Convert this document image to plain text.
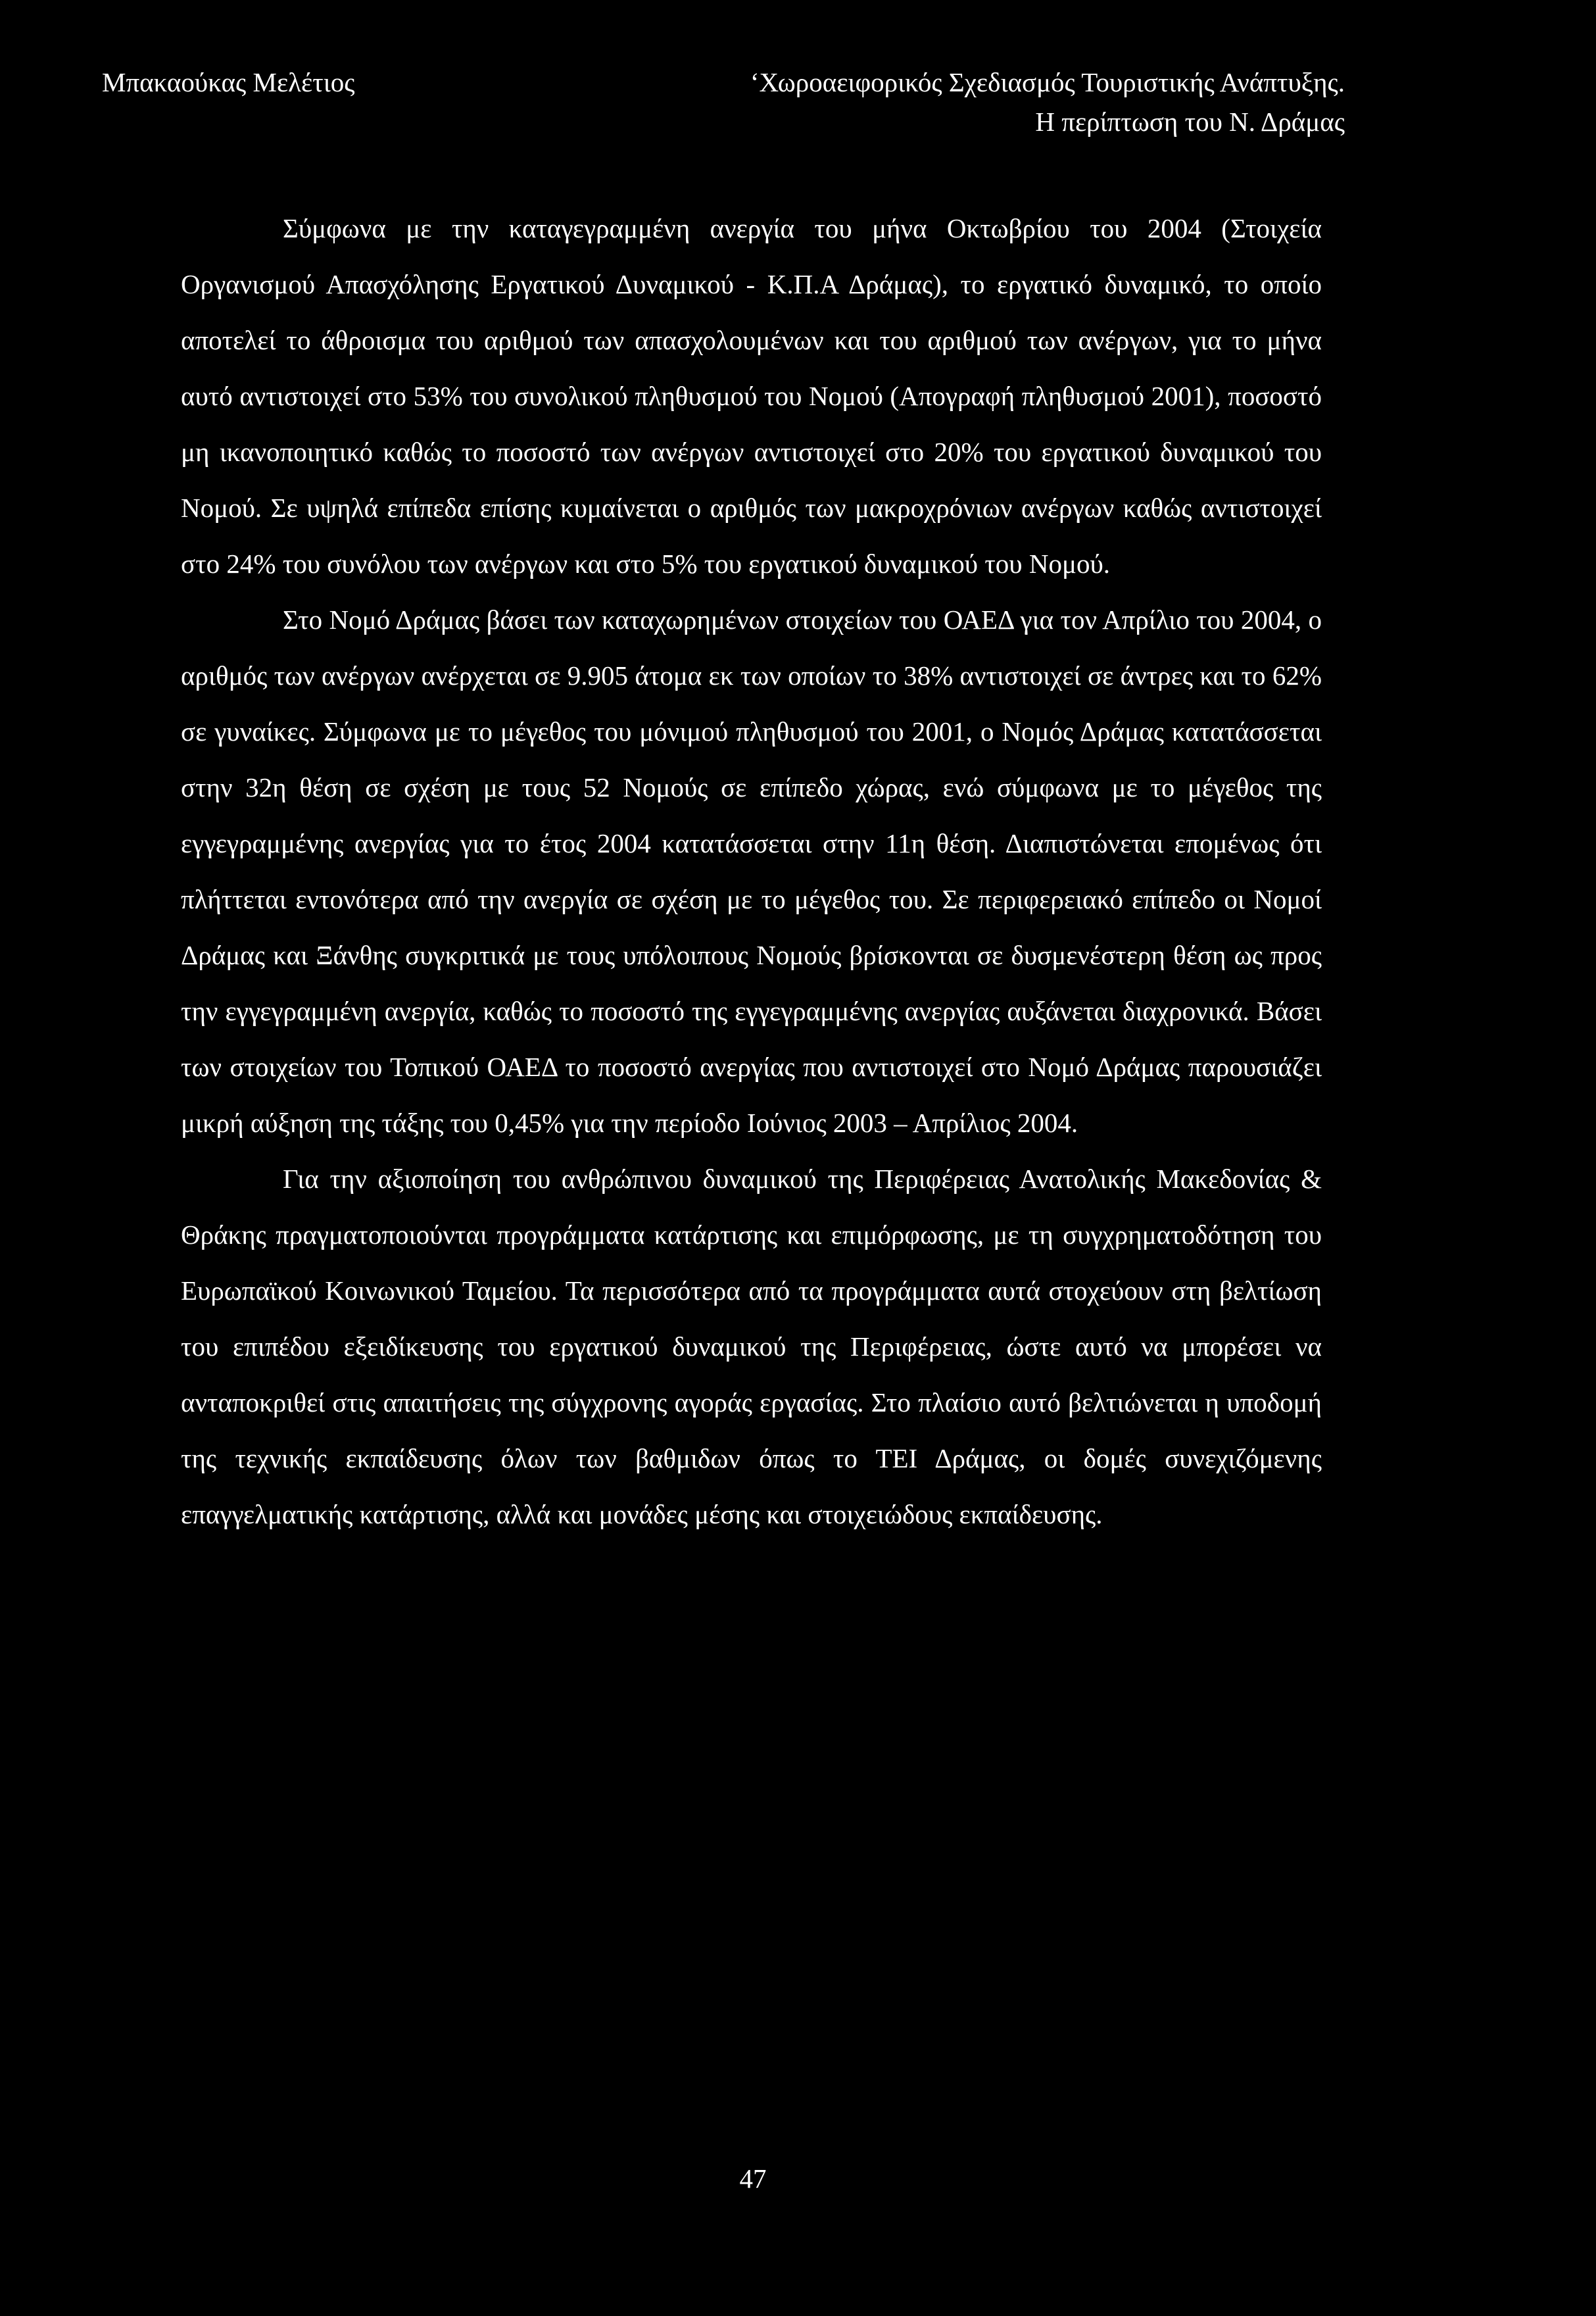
Μπακαούκας Μελέτιος	‘Χωροαειφορικός Σχεδιασμός Τουριστικής Ανάπτυξης.
Η περίπτωση του Ν. Δράμας

Σύμφωνα με την καταγεγραμμένη ανεργία του μήνα Οκτωβρίου του 2004 (Στοιχεία Οργανισμού Απασχόλησης Εργατικού Δυναμικού - Κ.Π.Α Δράμας), το εργατικό δυναμικό, το οποίο αποτελεί το άθροισμα του αριθμού των απασχολουμένων και του αριθμού των ανέργων, για το μήνα αυτό αντιστοιχεί στο 53% του συνολικού πληθυσμού του Νομού (Απογραφή πληθυσμού 2001), ποσοστό μη ικανοποιητικό καθώς το ποσοστό των ανέργων αντιστοιχεί στο 20% του εργατικού δυναμικού του Νομού. Σε υψηλά επίπεδα επίσης κυμαίνεται ο αριθμός των μακροχρόνιων ανέργων καθώς αντιστοιχεί στο 24% του συνόλου των ανέργων και στο 5% του εργατικού δυναμικού του Νομού.

Στο Νομό Δράμας βάσει των καταχωρημένων στοιχείων του ΟΑΕΔ για τον Απρίλιο του 2004, ο αριθμός των ανέργων ανέρχεται σε 9.905 άτομα εκ των οποίων το 38% αντιστοιχεί σε άντρες και το 62% σε γυναίκες. Σύμφωνα με το μέγεθος του μόνιμού πληθυσμού του 2001, ο Νομός Δράμας κατατάσσεται στην 32η θέση σε σχέση με τους 52 Νομούς σε επίπεδο χώρας, ενώ σύμφωνα με το μέγεθος της εγγεγραμμένης ανεργίας για το έτος 2004 κατατάσσεται στην 11η θέση. Διαπιστώνεται επομένως ότι πλήττεται εντονότερα από την ανεργία σε σχέση με το μέγεθος του. Σε περιφερειακό επίπεδο οι Νομοί Δράμας και Ξάνθης συγκριτικά με τους υπόλοιπους Νομούς βρίσκονται σε δυσμενέστερη θέση ως προς την εγγεγραμμένη ανεργία, καθώς το ποσοστό της εγγεγραμμένης ανεργίας αυξάνεται διαχρονικά. Βάσει των στοιχείων του Τοπικού ΟΑΕΔ το ποσοστό ανεργίας που αντιστοιχεί στο Νομό Δράμας παρουσιάζει μικρή αύξηση της τάξης του 0,45% για την περίοδο Ιούνιος 2003 – Απρίλιος 2004.

Για την αξιοποίηση του ανθρώπινου δυναμικού της Περιφέρειας Ανατολικής Μακεδονίας & Θράκης πραγματοποιούνται προγράμματα κατάρτισης και επιμόρφωσης, με τη συγχρηματοδότηση του Ευρωπαϊκού Κοινωνικού Ταμείου. Τα περισσότερα από τα προγράμματα αυτά στοχεύουν στη βελτίωση του επιπέδου εξειδίκευσης του εργατικού δυναμικού της Περιφέρειας, ώστε αυτό να μπορέσει να ανταποκριθεί στις απαιτήσεις της σύγχρονης αγοράς εργασίας. Στο πλαίσιο αυτό βελτιώνεται η υποδομή της τεχνικής εκπαίδευσης όλων των βαθμιδων όπως το ΤΕΙ Δράμας, οι δομές συνεχιζόμενης επαγγελματικής κατάρτισης, αλλά και μονάδες μέσης και στοιχειώδους εκπαίδευσης.

47
